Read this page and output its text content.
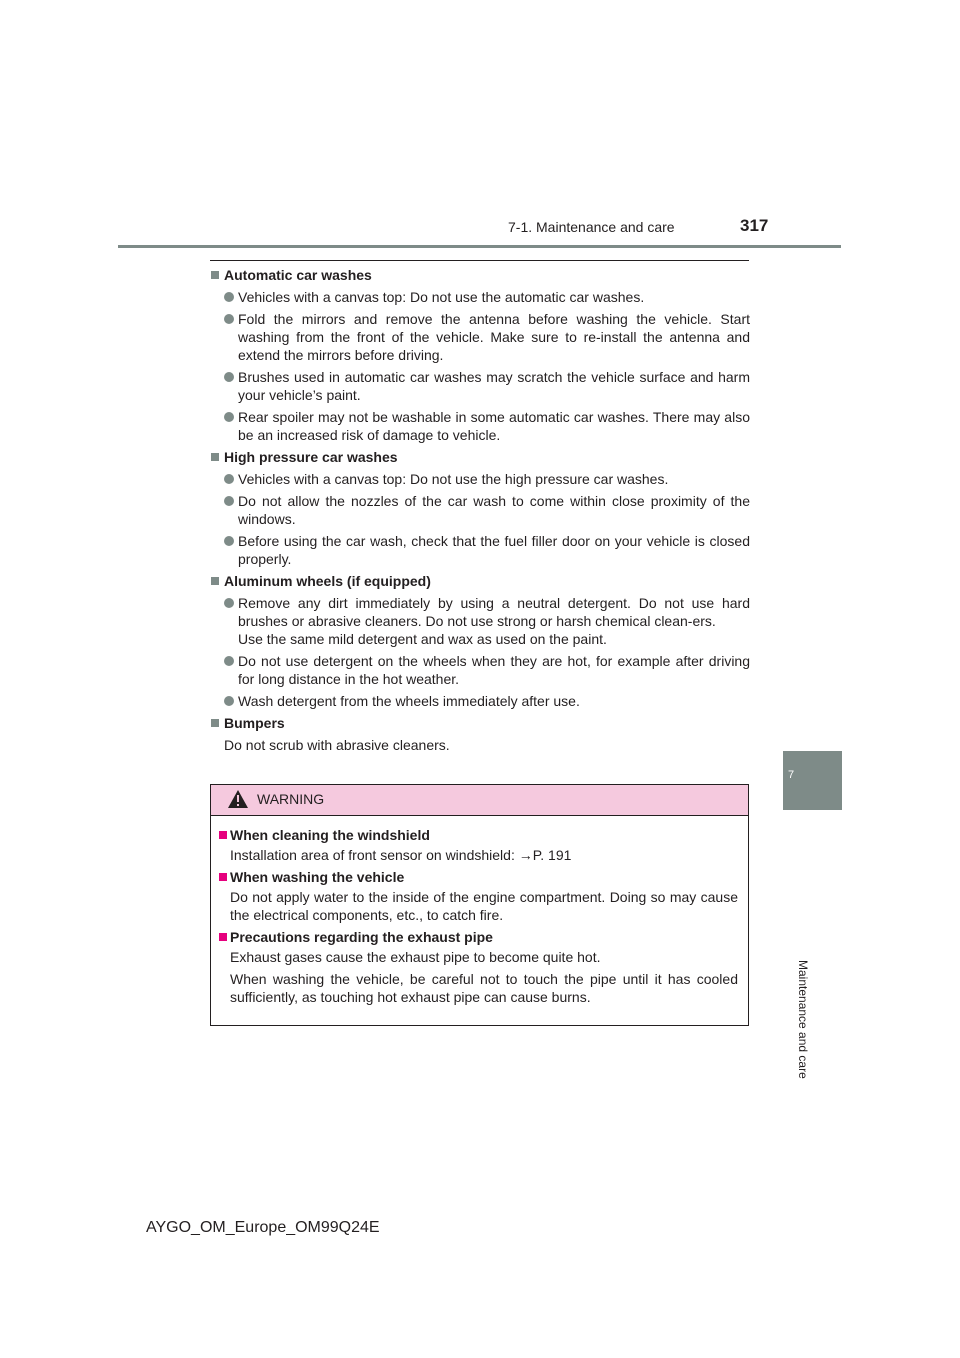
7-1. Maintenance and care	317
7
Maintenance and care
Automatic car washes
Vehicles with a canvas top: Do not use the automatic car washes.
Fold the mirrors and remove the antenna before washing the vehicle. Start washing from the front of the vehicle. Make sure to re-install the antenna and extend the mirrors before driving.
Brushes used in automatic car washes may scratch the vehicle surface and harm your vehicle’s paint.
Rear spoiler may not be washable in some automatic car washes. There may also be an increased risk of damage to vehicle.
High pressure car washes
Vehicles with a canvas top: Do not use the high pressure car washes.
Do not allow the nozzles of the car wash to come within close proximity of the windows.
Before using the car wash, check that the fuel filler door on your vehicle is closed properly.
Aluminum wheels (if equipped)
Remove any dirt immediately by using a neutral detergent. Do not use hard brushes or abrasive cleaners. Do not use strong or harsh chemical clean-ers.
Use the same mild detergent and wax as used on the paint.
Do not use detergent on the wheels when they are hot, for example after driving for long distance in the hot weather.
Wash detergent from the wheels immediately after use.
Bumpers
Do not scrub with abrasive cleaners.
WARNING
When cleaning the windshield
Installation area of front sensor on windshield: →P. 191
When washing the vehicle
Do not apply water to the inside of the engine compartment. Doing so may cause the electrical components, etc., to catch fire.
Precautions regarding the exhaust pipe
Exhaust gases cause the exhaust pipe to become quite hot.
When washing the vehicle, be careful not to touch the pipe until it has cooled sufficiently, as touching hot exhaust pipe can cause burns.
AYGO_OM_Europe_OM99Q24E
